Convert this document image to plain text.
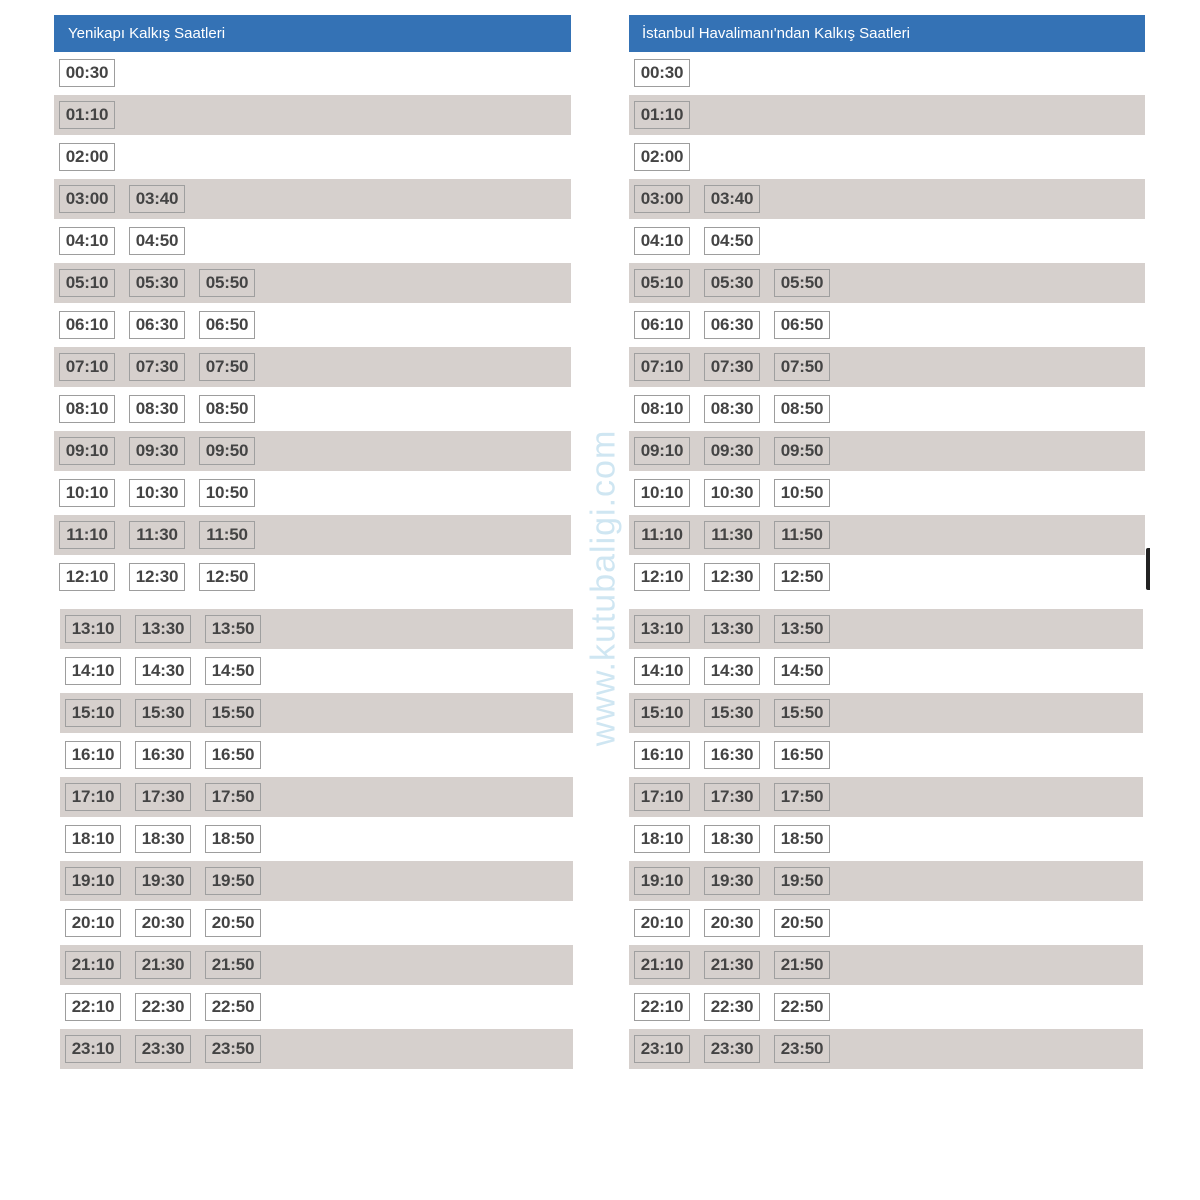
Yenikapı Kalkış Saatleri
00:30
01:10
02:00
03:00	03:40
04:10	04:50
05:10	05:30	05:50
06:10	06:30	06:50
07:10	07:30	07:50
08:10	08:30	08:50
09:10	09:30	09:50
10:10	10:30	10:50
11:10	11:30	11:50
12:10	12:30	12:50
13:10	13:30	13:50
14:10	14:30	14:50
15:10	15:30	15:50
16:10	16:30	16:50
17:10	17:30	17:50
18:10	18:30	18:50
19:10	19:30	19:50
20:10	20:30	20:50
21:10	21:30	21:50
22:10	22:30	22:50
23:10	23:30	23:50
İstanbul Havalimanı'ndan Kalkış Saatleri
00:30
01:10
02:00
03:00	03:40
04:10	04:50
05:10	05:30	05:50
06:10	06:30	06:50
07:10	07:30	07:50
08:10	08:30	08:50
09:10	09:30	09:50
10:10	10:30	10:50
11:10	11:30	11:50
12:10	12:30	12:50
13:10	13:30	13:50
14:10	14:30	14:50
15:10	15:30	15:50
16:10	16:30	16:50
17:10	17:30	17:50
18:10	18:30	18:50
19:10	19:30	19:50
20:10	20:30	20:50
21:10	21:30	21:50
22:10	22:30	22:50
23:10	23:30	23:50
www.kutubaligi.com
